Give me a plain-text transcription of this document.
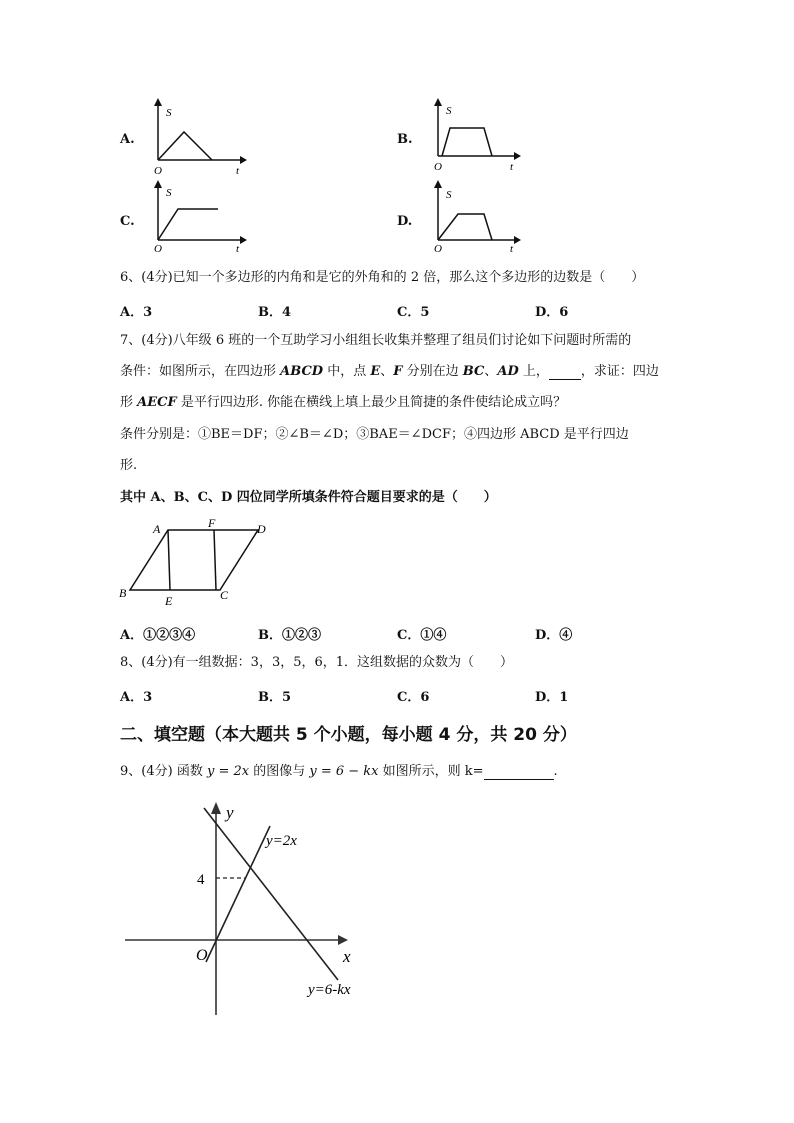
A.
S
O	t
B.
S
O	t
C.
S
O	t
D.
S
O	t
6、(4分)已知一个多边形的内角和是它的外角和的 2 倍，那么这个多边形的边数是（　　）
A．3	B．4	C．5	D．6
7、(4分)八年级 6 班的一个互助学习小组组长收集并整理了组员们讨论如下问题时所需的
条件：如图所示，在四边形 ABCD 中，点 E、F 分别在边 BC、AD 上， ，求证：四边
形 AECF 是平行四边形. 你能在横线上填上最少且简捷的条件使结论成立吗？
条件分别是：①BE＝DF；②∠B＝∠D；③BAE＝∠DCF；④四边形 ABCD 是平行四边
形.
其中 A、B、C、D 四位同学所填条件符合题目要求的是（　　）
A	F	D
B
E	C
A．①②③④	B．①②③	C．①④	D．④
8、(4分)有一组数据：3，3，5，6，1．这组数据的众数为（　　）
A．3	B．5	C．6	D．1
二、填空题（本大题共 5 个小题，每小题 4 分，共 20 分）
9、(4分) 函数 y = 2x 的图像与 y = 6 − kx 如图所示，则 k=	.
y
x
O
4
y=2x
y=6-kx
